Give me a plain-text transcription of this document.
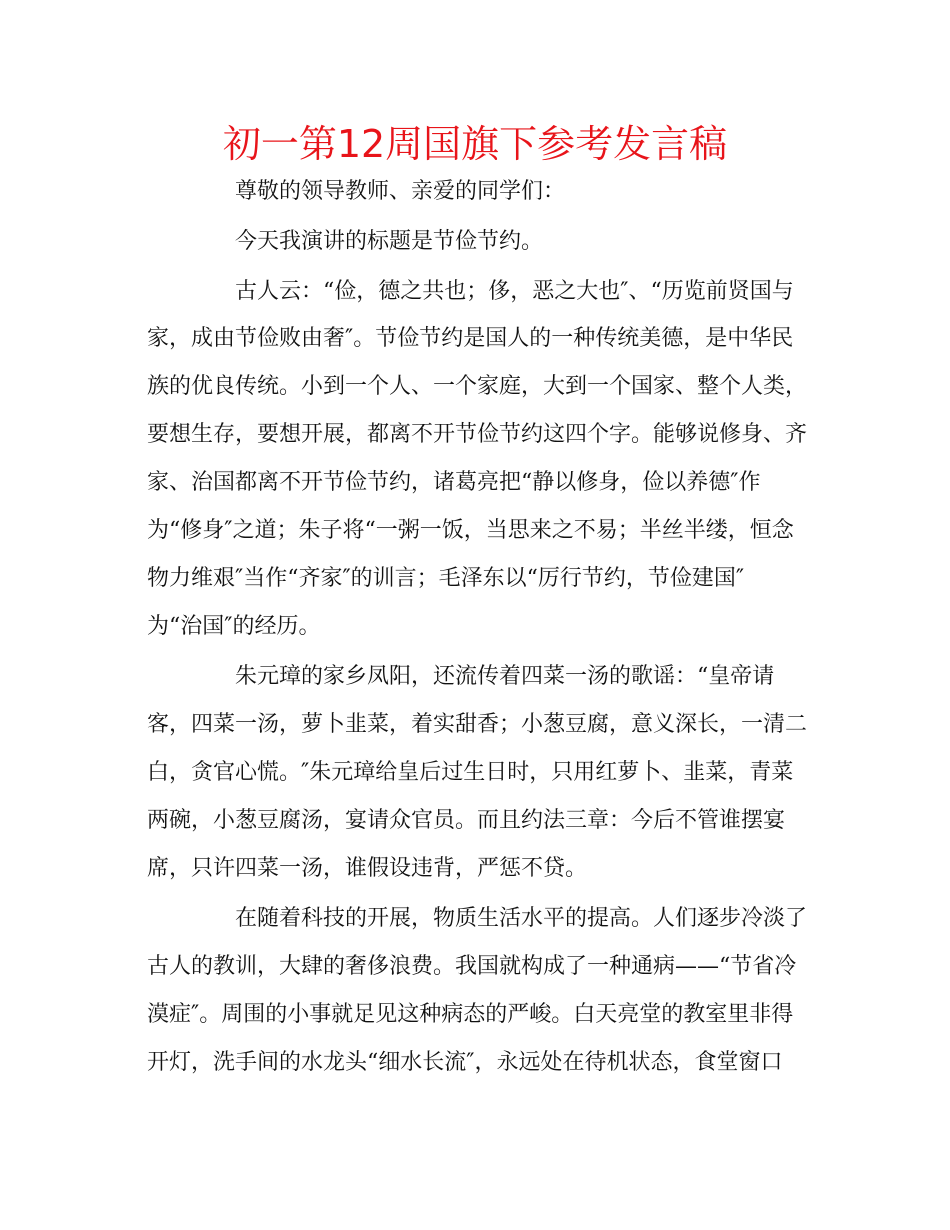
初一第12周国旗下参考发言稿
尊敬的领导教师、亲爱的同学们：
今天我演讲的标题是节俭节约。
古人云：“俭，德之共也；侈，恶之大也″、“历览前贤国与
家，成由节俭败由奢″。节俭节约是国人的一种传统美德，是中华民
族的优良传统。小到一个人、一个家庭，大到一个国家、整个人类，
要想生存，要想开展，都离不开节俭节约这四个字。能够说修身、齐
家、治国都离不开节俭节约，诸葛亮把“静以修身，俭以养德″作
为“修身″之道；朱子将“一粥一饭，当思来之不易；半丝半缕，恒念
物力维艰″当作“齐家″的训言；毛泽东以“厉行节约，节俭建国″
为“治国″的经历。
朱元璋的家乡凤阳，还流传着四菜一汤的歌谣：“皇帝请
客，四菜一汤，萝卜韭菜，着实甜香；小葱豆腐，意义深长，一清二
白，贪官心慌。″朱元璋给皇后过生日时，只用红萝卜、韭菜，青菜
两碗，小葱豆腐汤，宴请众官员。而且约法三章：今后不管谁摆宴
席，只许四菜一汤，谁假设违背，严惩不贷。
在随着科技的开展，物质生活水平的提高。人们逐步冷淡了
古人的教训，大肆的奢侈浪费。我国就构成了一种通病——“节省冷
漠症″。周围的小事就足见这种病态的严峻。白天亮堂的教室里非得
开灯，洗手间的水龙头“细水长流″，永远处在待机状态，食堂窗口
